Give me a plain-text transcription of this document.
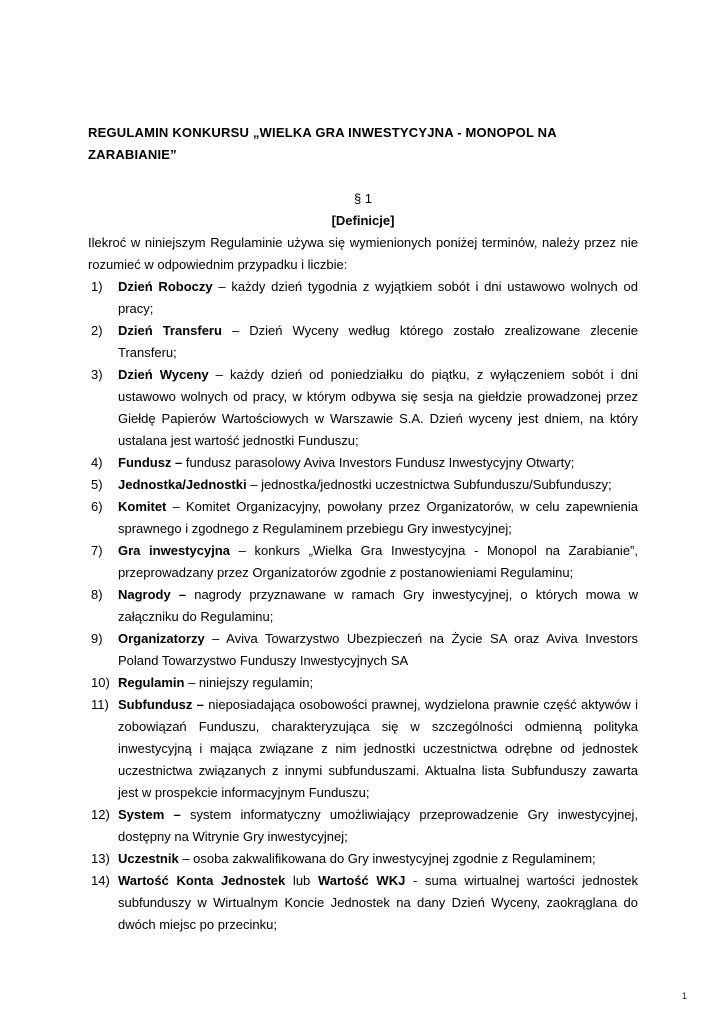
REGULAMIN KONKURSU „WIELKA GRA INWESTYCYJNA - MONOPOL NA ZARABIANIE”
§ 1
[Definicje]

Ilekroć w niniejszym Regulaminie używa się wymienionych poniżej terminów, należy przez nie rozumieć w odpowiednim przypadku i liczbie:

1) Dzień Roboczy – każdy dzień tygodnia z wyjątkiem sobót i dni ustawowo wolnych od pracy;
2) Dzień Transferu – Dzień Wyceny według którego zostało zrealizowane zlecenie Transferu;
3) Dzień Wyceny – każdy dzień od poniedziałku do piątku, z wyłączeniem sobót i dni ustawowo wolnych od pracy, w którym odbywa się sesja na giełdzie prowadzonej przez Giełdę Papierów Wartościowych w Warszawie S.A. Dzień wyceny jest dniem, na który ustalana jest wartość jednostki Funduszu;
4) Fundusz – fundusz parasolowy Aviva Investors Fundusz Inwestycyjny Otwarty;
5) Jednostka/Jednostki – jednostka/jednostki uczestnictwa Subfunduszu/Subfunduszy;
6) Komitet – Komitet Organizacyjny, powołany przez Organizatorów, w celu zapewnienia sprawnego i zgodnego z Regulaminem przebiegu Gry inwestycyjnej;
7) Gra inwestycyjna – konkurs „Wielka Gra Inwestycyjna - Monopol na Zarabianie”, przeprowadzany przez Organizatorów zgodnie z postanowieniami Regulaminu;
8) Nagrody – nagrody przyznawane w ramach Gry inwestycyjnej, o których mowa w załączniku do Regulaminu;
9) Organizatorzy – Aviva Towarzystwo Ubezpieczeń na Życie SA oraz Aviva Investors Poland Towarzystwo Funduszy Inwestycyjnych SA
10) Regulamin – niniejszy regulamin;
11) Subfundusz – nieposiadająca osobowości prawnej, wydzielona prawnie część aktywów i zobowiązań Funduszu, charakteryzująca się w szczególności odmienną polityka inwestycyjną i mająca związane z nim jednostki uczestnictwa odrębne od jednostek uczestnictwa związanych z innymi subfunduszami. Aktualna lista Subfunduszy zawarta jest w prospekcie informacyjnym Funduszu;
12) System – system informatyczny umożliwiający przeprowadzenie Gry inwestycyjnej, dostępny na Witrynie Gry inwestycyjnej;
13) Uczestnik – osoba zakwalifikowana do Gry inwestycyjnej zgodnie z Regulaminem;
14) Wartość Konta Jednostek lub Wartość WKJ - suma wirtualnej wartości jednostek subfunduszy w Wirtualnym Koncie Jednostek na dany Dzień Wyceny, zaokrąglana do dwóch miejsc po przecinku;
1
